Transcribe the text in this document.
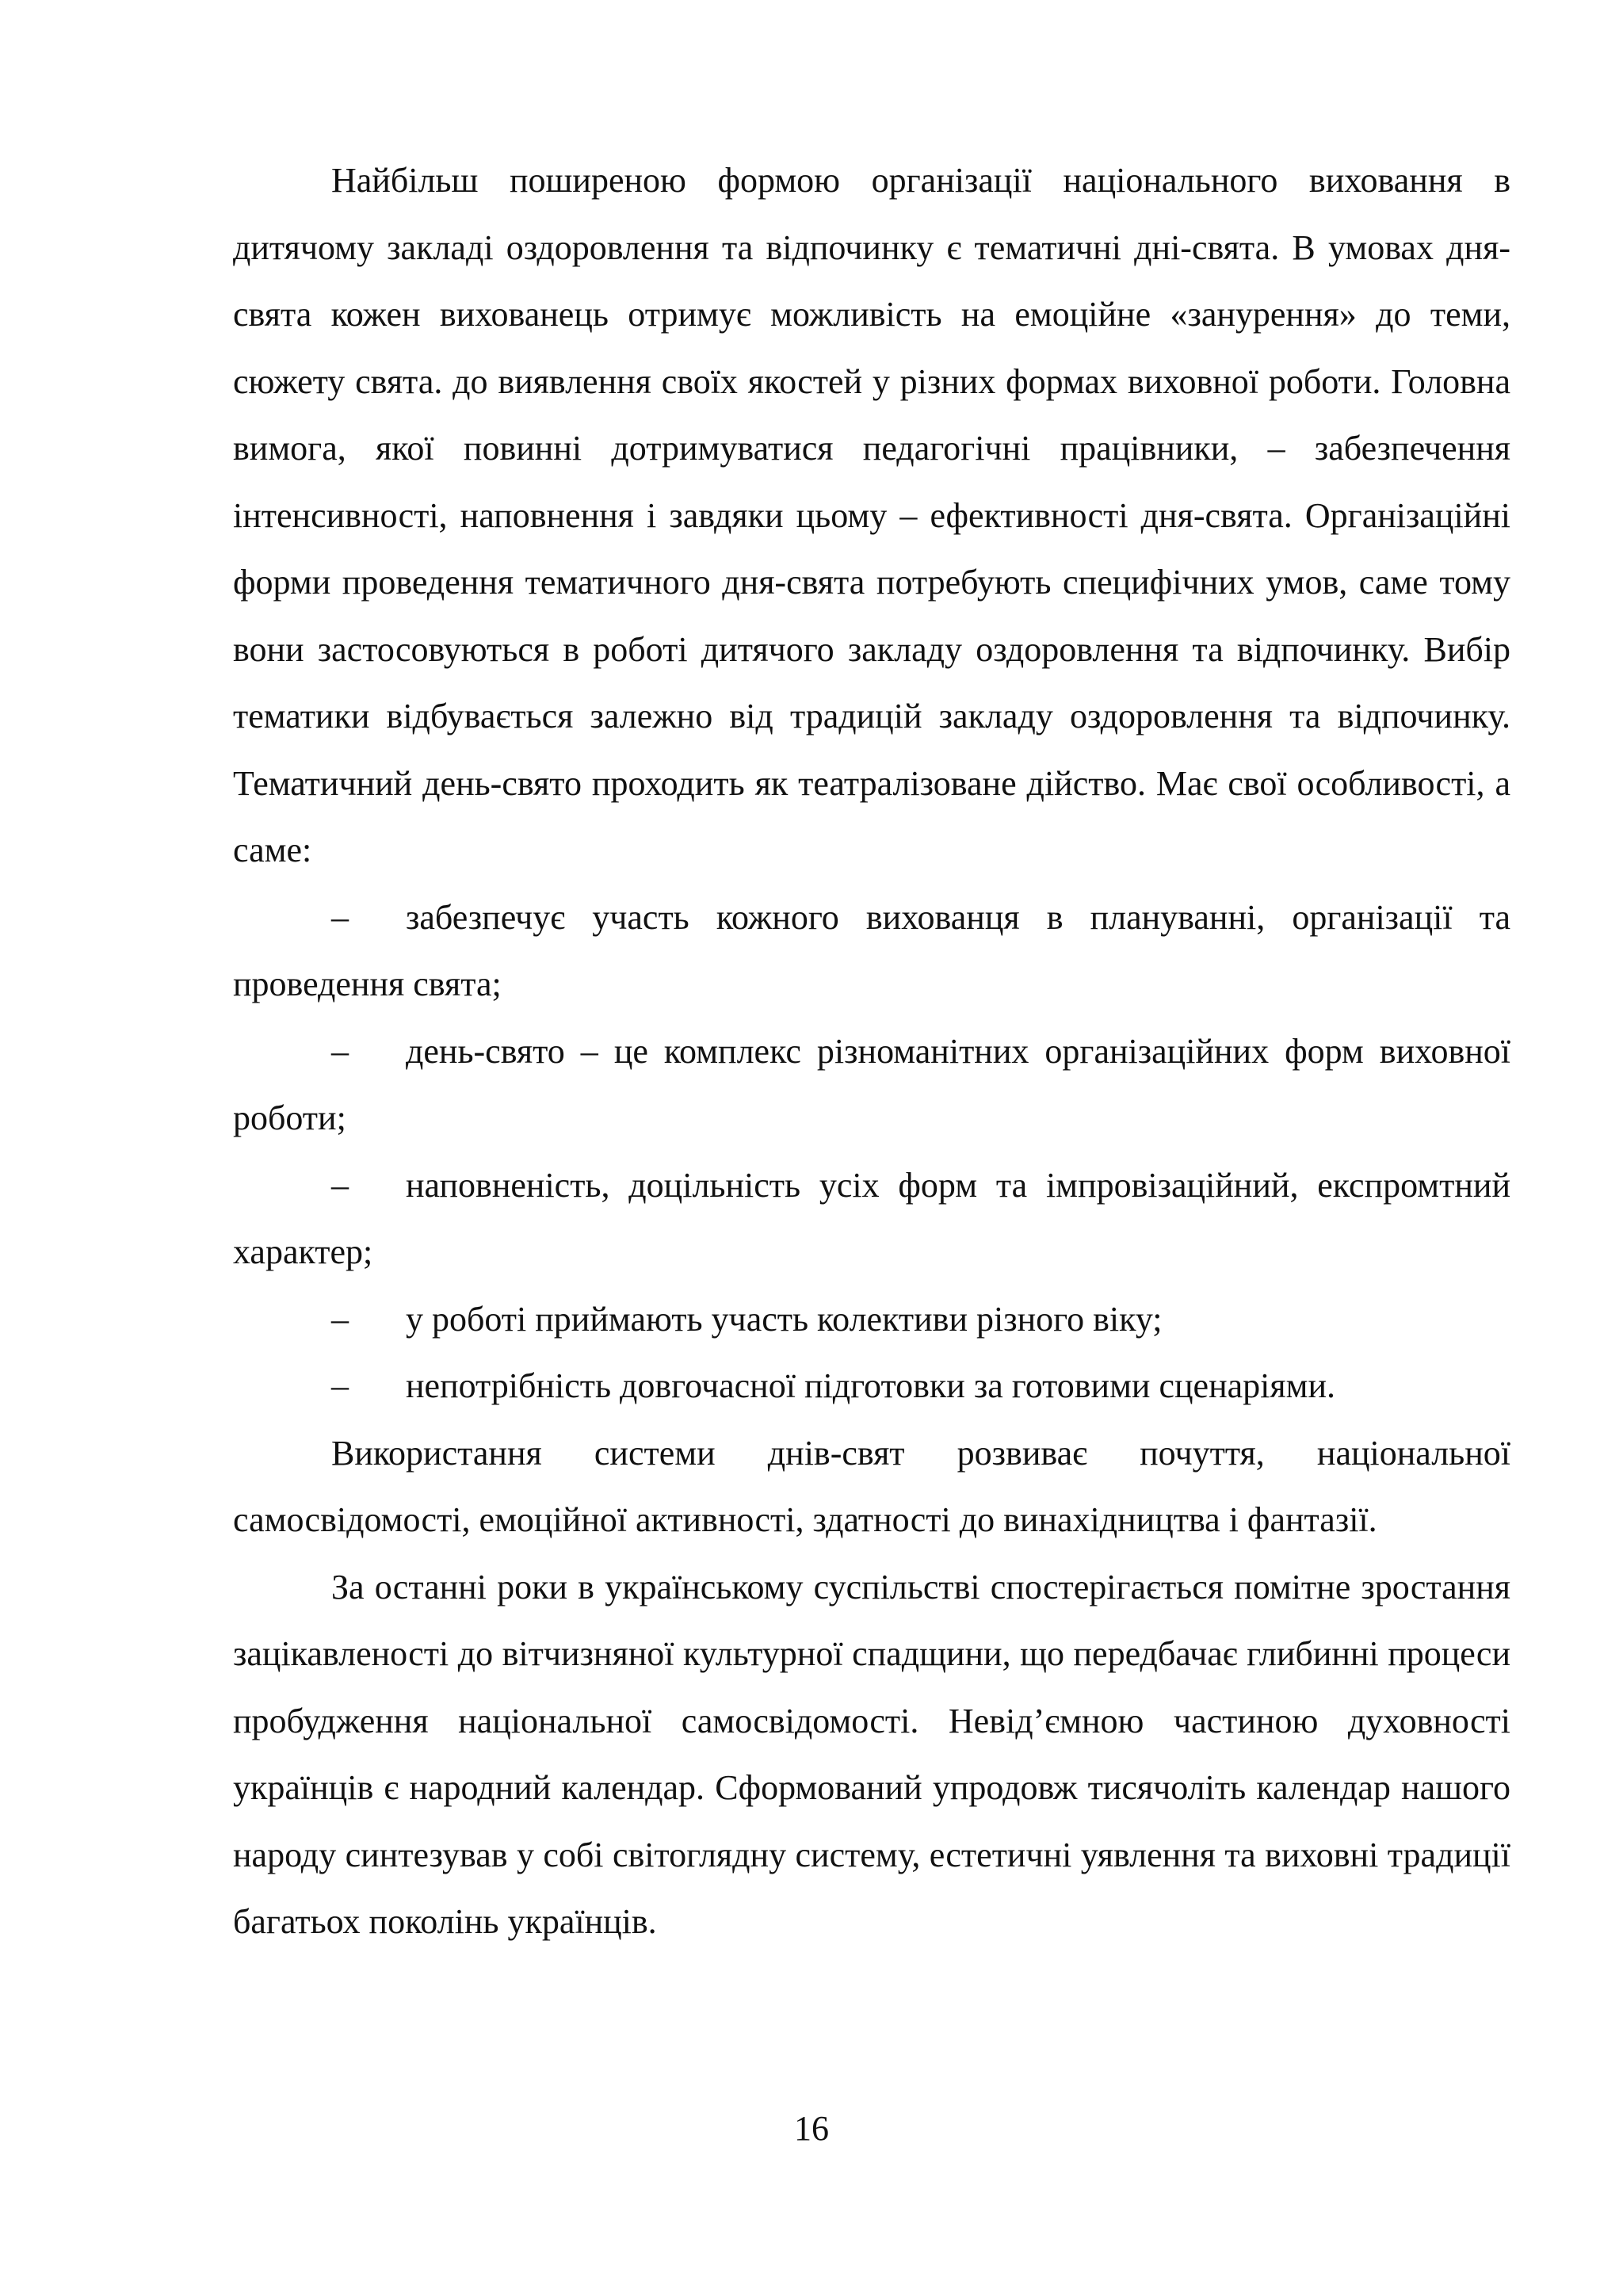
Найбільш поширеною формою організації національного виховання в дитячому закладі оздоровлення та відпочинку є тематичні дні-свята. В умовах дня-свята кожен вихованець отримує можливість на емоційне «занурення» до теми, сюжету свята. до виявлення своїх якостей у різних формах виховної роботи. Головна вимога, якої повинні дотримуватися педагогічні працівники, – забезпечення інтенсивності, наповнення і завдяки цьому – ефективності дня-свята. Організаційні форми проведення тематичного дня-свята потребують специфічних умов, саме тому вони застосовуються в роботі дитячого закладу оздоровлення та відпочинку. Вибір тематики відбувається залежно від традицій закладу оздоровлення та відпочинку. Тематичний день-свято проходить як театралізоване дійство. Має свої особливості, а саме:

– забезпечує участь кожного вихованця в плануванні, організації та проведення свята;

– день-свято – це комплекс різноманітних організаційних форм виховної роботи;

– наповненість, доцільність усіх форм та імпровізаційний, експромтний характер;

– у роботі приймають участь колективи різного віку;

– непотрібність довгочасної підготовки за готовими сценаріями.

Використання системи днів-свят розвиває почуття, національної самосвідомості, емоційної активності, здатності до винахідництва і фантазії.

За останні роки в українському суспільстві спостерігається помітне зростання зацікавленості до вітчизняної культурної спадщини, що передбачає глибинні процеси пробудження національної самосвідомості. Невід’ємною частиною духовності українців є народний календар. Сформований упродовж тисячоліть календар нашого народу синтезував у собі світоглядну систему, естетичні уявлення та виховні традиції багатьох поколінь українців.

16
